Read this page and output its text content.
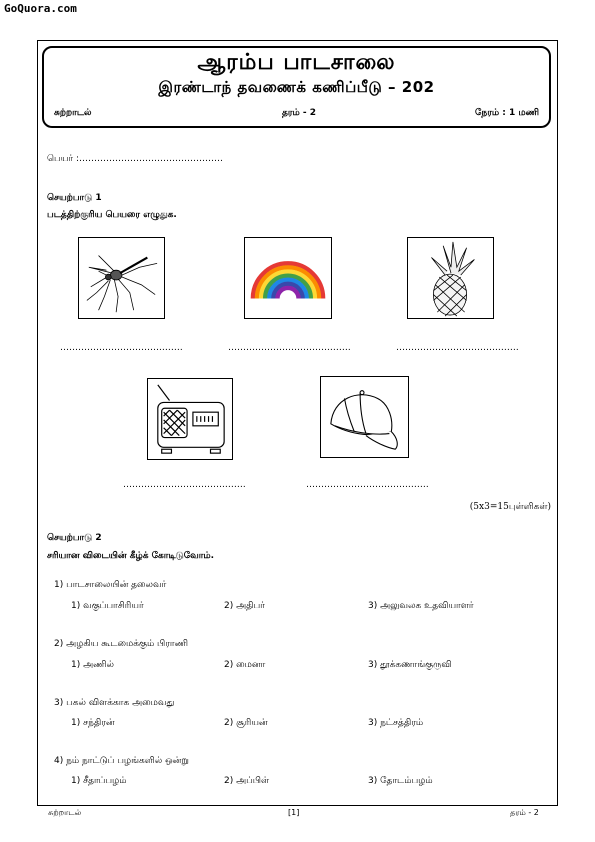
GoQuora.com
ஆரம்ப பாடசாலை
இரண்டாந் தவணைக் கணிப்பீடு – 202
சுற்றாடல்	தரம் - 2	நேரம் : 1 மணி
பெயர் :…………………………………………
செயற்பாடு 1
படத்திற்குரிய பெயரை எழுதுக.
…………………………….…….	…………………………….…….	…………………………….…….
…………………………….…….	…………………………….…….
(5x3=15புள்ளிகள்)
செயற்பாடு 2
சரியான விடையின் கீழ்க் கோடிடுவோம்.
1) பாடசாலையின் தலைவர்
1) வகுப்பாசிரியர்	2) அதிபர்	3) அலுவலக உதவியாளர்
2) அழகிய கூடமைக்கும் பிராணி
1) அணில்	2) மைனா	3) தூக்கணாங்குருவி
3) பகல் விளக்காக அமைவது
1) சந்திரன்	2) சூரியன்	3) நட்சத்திரம்
4) நம் நாட்டுப் பழங்களில் ஒன்று
1) சீதாப்பழம்	2) அப்பிள்	3) தோடம்பழம்
சுற்றாடல்	[1]	தரம் - 2
